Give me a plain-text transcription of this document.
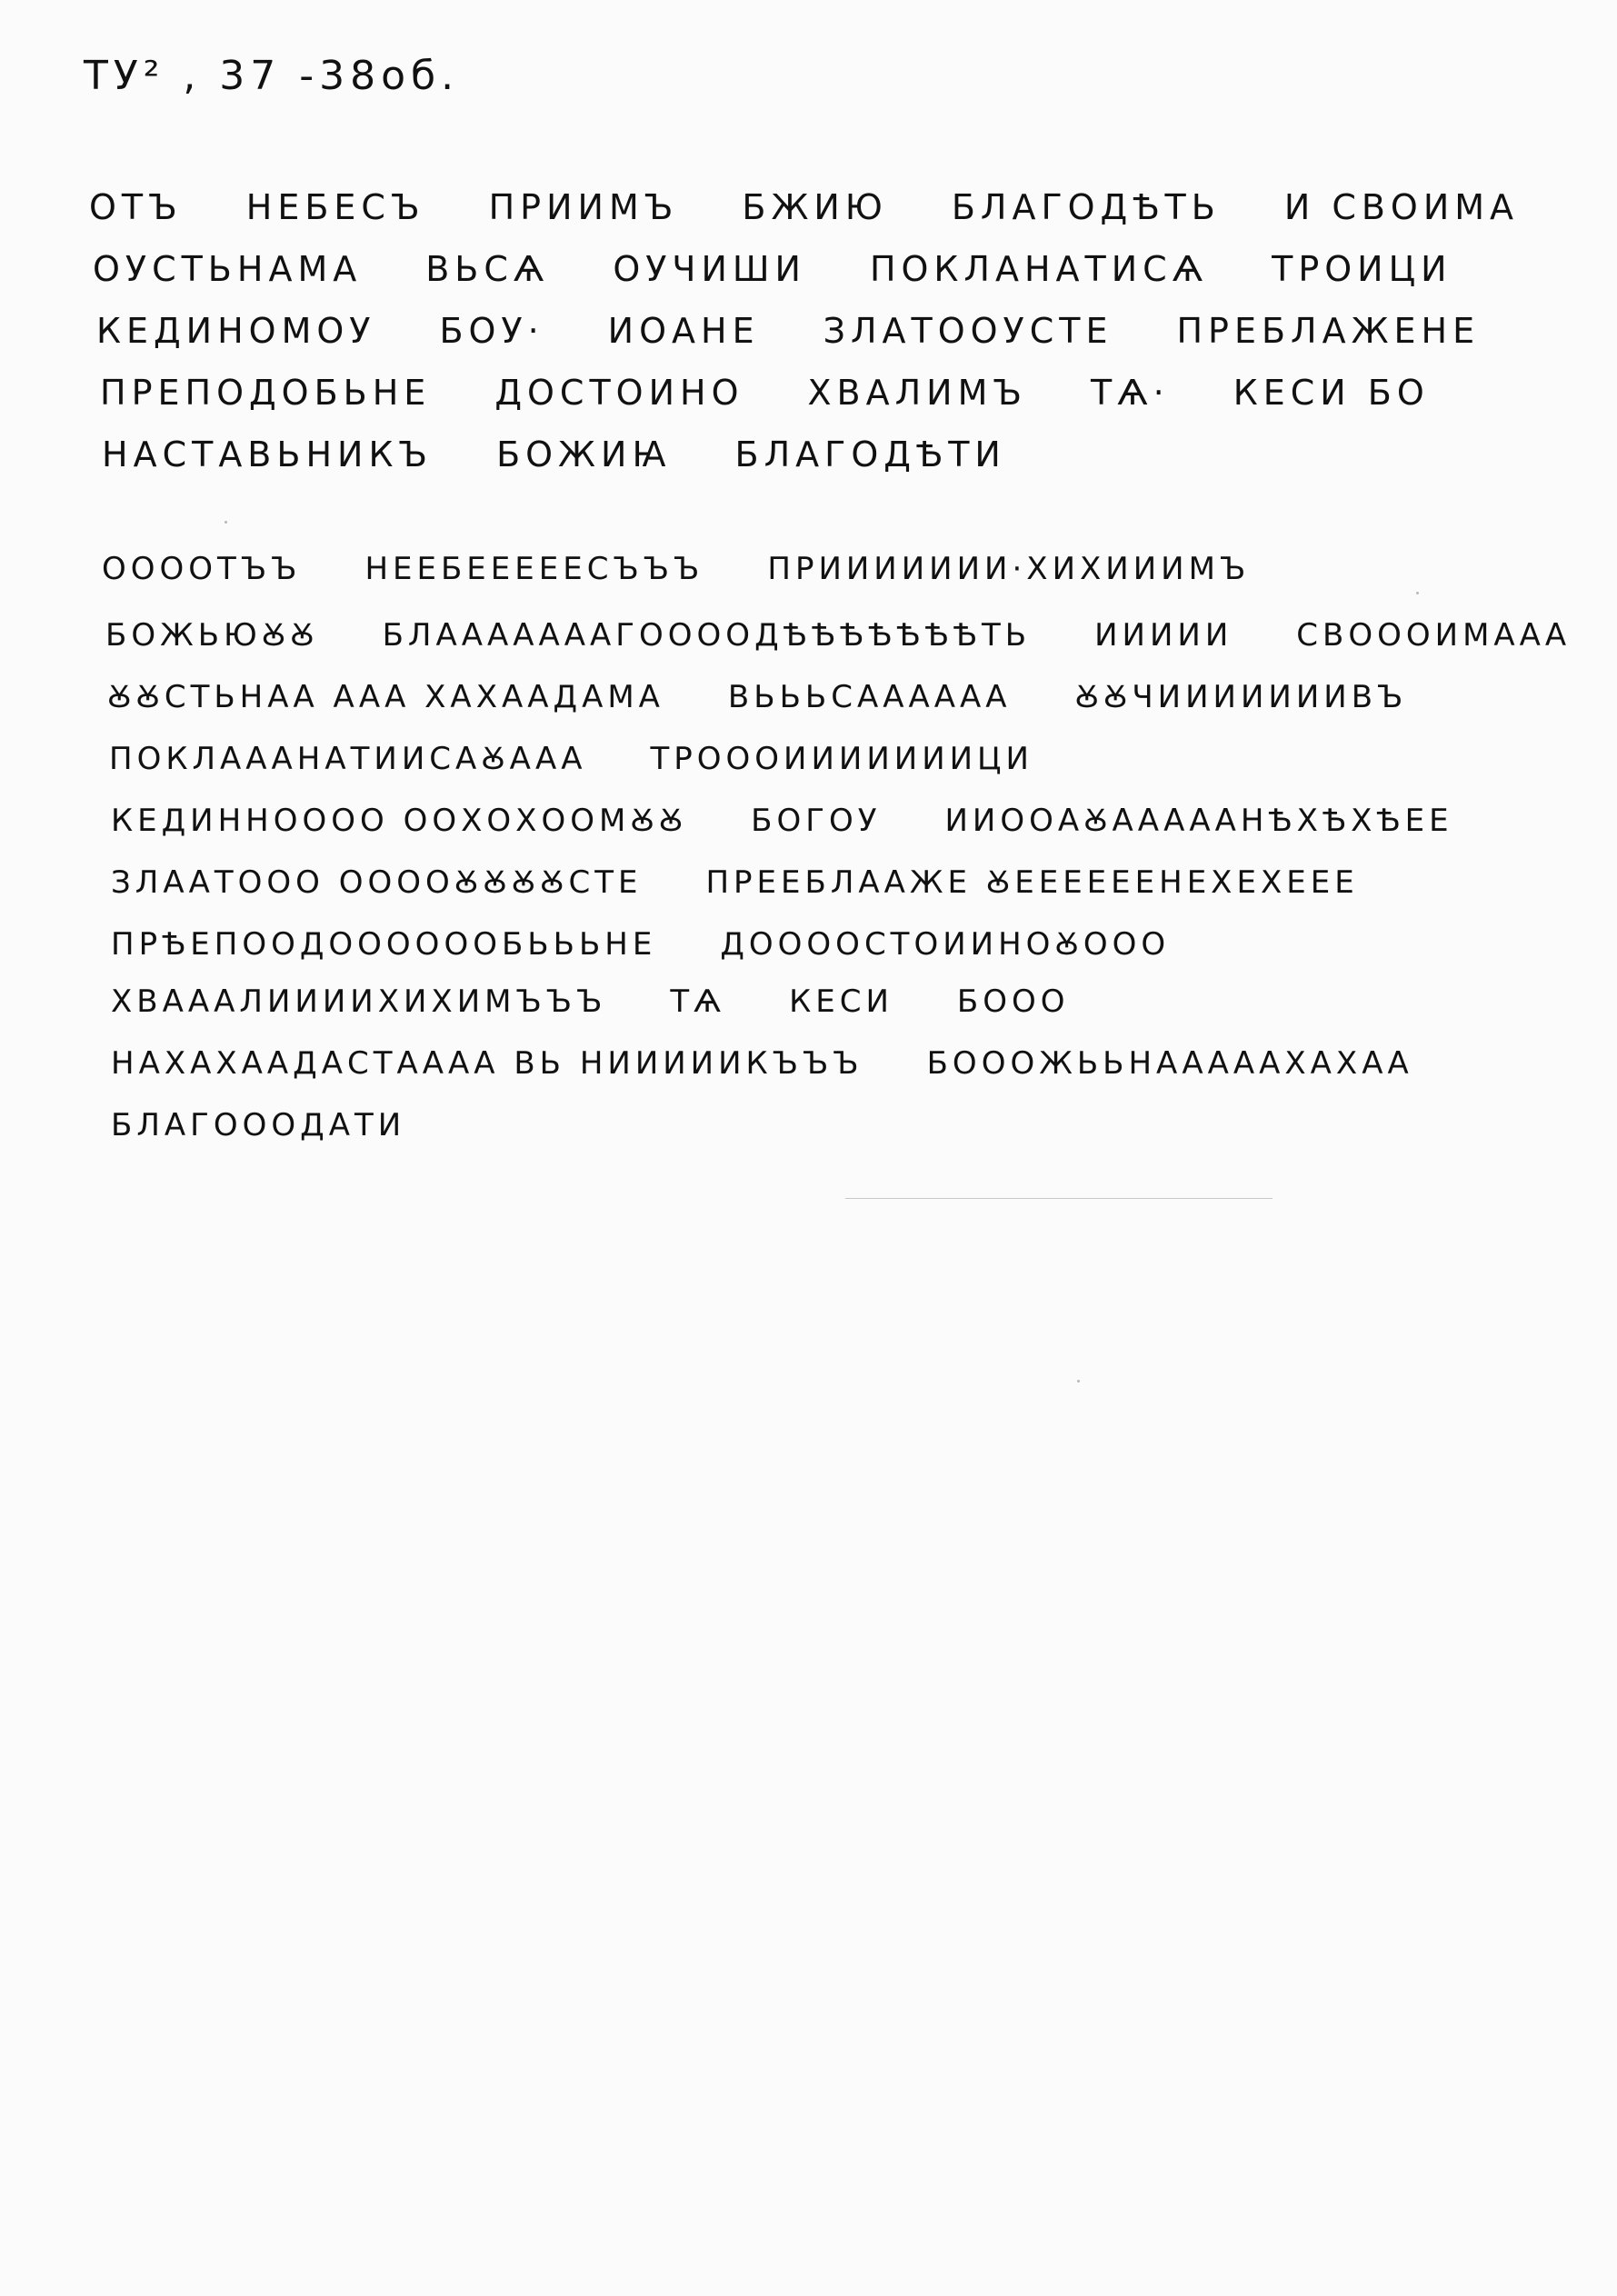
ТУ² , 37 -38об.
ОТЪ НЕБЕСЪ ПРИИМЪ БЖИЮ БЛАГОДѢТЬ И СВОИМА
ОУСТЬНАМА ВЬСѦ ОУЧИШИ ПОКЛАНАТИСѦ ТРОИЦИ
КЕДИНОМОУ БОУ· ИОАНЕ ЗЛАТООУСТЕ ПРЕБЛАЖЕНЕ
ПРЕПОДОБЬНЕ ДОСТОИНО ХВАЛИМЪ ТѦ· КЕСИ БО
НАСТАВЬНИКЪ БОЖИꙖ БЛАГОДѢТИ
ООООТЪЪ НЕЕБЕЕЕЕЕСЪЪЪ ПРИИИИИИИ·ХИХИИИМЪ
БОЖЬЮꙊꙊ БЛАААААААГООООДѢѢѢѢѢѢѢТЬ ИИИИИ СВОООИМААА
ꙊꙊСТЬНАА ААА ХАХААДАМА ВЬЬЬСАААААА ꙊꙊЧИИИИИИИВЪ
ПОКЛАААНАТИИСАꙊААА ТРОООИИИИИИИЦИ
КЕДИННОООО ООХОХООМꙊꙊ БОГОУ ИИООАꙊАААААНѢХѢХѢЕЕ
ЗЛААТООО ООООꙊꙊꙊꙊСТЕ ПРЕЕБЛААЖЕ ꙊЕЕЕЕЕЕНЕХЕХЕЕЕ
ПРѢЕПООДООООООБЬЬЬНЕ ДООООСТОИИНОꙊООО
ХВАААЛИИИИХИХИМЪЪЪ ТѦ КЕСИ БООО
НАХАХААДАСТАААА ВЬ НИИИИИКЪЪЪ БОООЖЬЬНАААААХАХАА
БЛАГОООДАТИ
